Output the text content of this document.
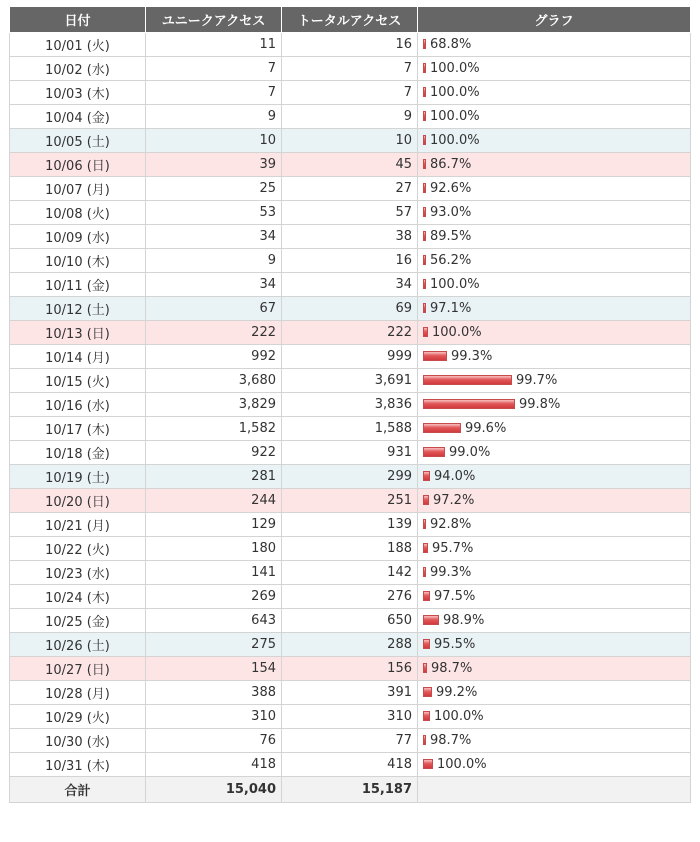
日付	ユニークアクセス	トータルアクセス	グラフ
10/01 (火)	11	16	68.8%
10/02 (水)	7	7	100.0%
10/03 (木)	7	7	100.0%
10/04 (金)	9	9	100.0%
10/05 (土)	10	10	100.0%
10/06 (日)	39	45	86.7%
10/07 (月)	25	27	92.6%
10/08 (火)	53	57	93.0%
10/09 (水)	34	38	89.5%
10/10 (木)	9	16	56.2%
10/11 (金)	34	34	100.0%
10/12 (土)	67	69	97.1%
10/13 (日)	222	222	100.0%
10/14 (月)	992	999	99.3%
10/15 (火)	3,680	3,691	99.7%
10/16 (水)	3,829	3,836	99.8%
10/17 (木)	1,582	1,588	99.6%
10/18 (金)	922	931	99.0%
10/19 (土)	281	299	94.0%
10/20 (日)	244	251	97.2%
10/21 (月)	129	139	92.8%
10/22 (火)	180	188	95.7%
10/23 (水)	141	142	99.3%
10/24 (木)	269	276	97.5%
10/25 (金)	643	650	98.9%
10/26 (土)	275	288	95.5%
10/27 (日)	154	156	98.7%
10/28 (月)	388	391	99.2%
10/29 (火)	310	310	100.0%
10/30 (水)	76	77	98.7%
10/31 (木)	418	418	100.0%
合計	15,040	15,187	
